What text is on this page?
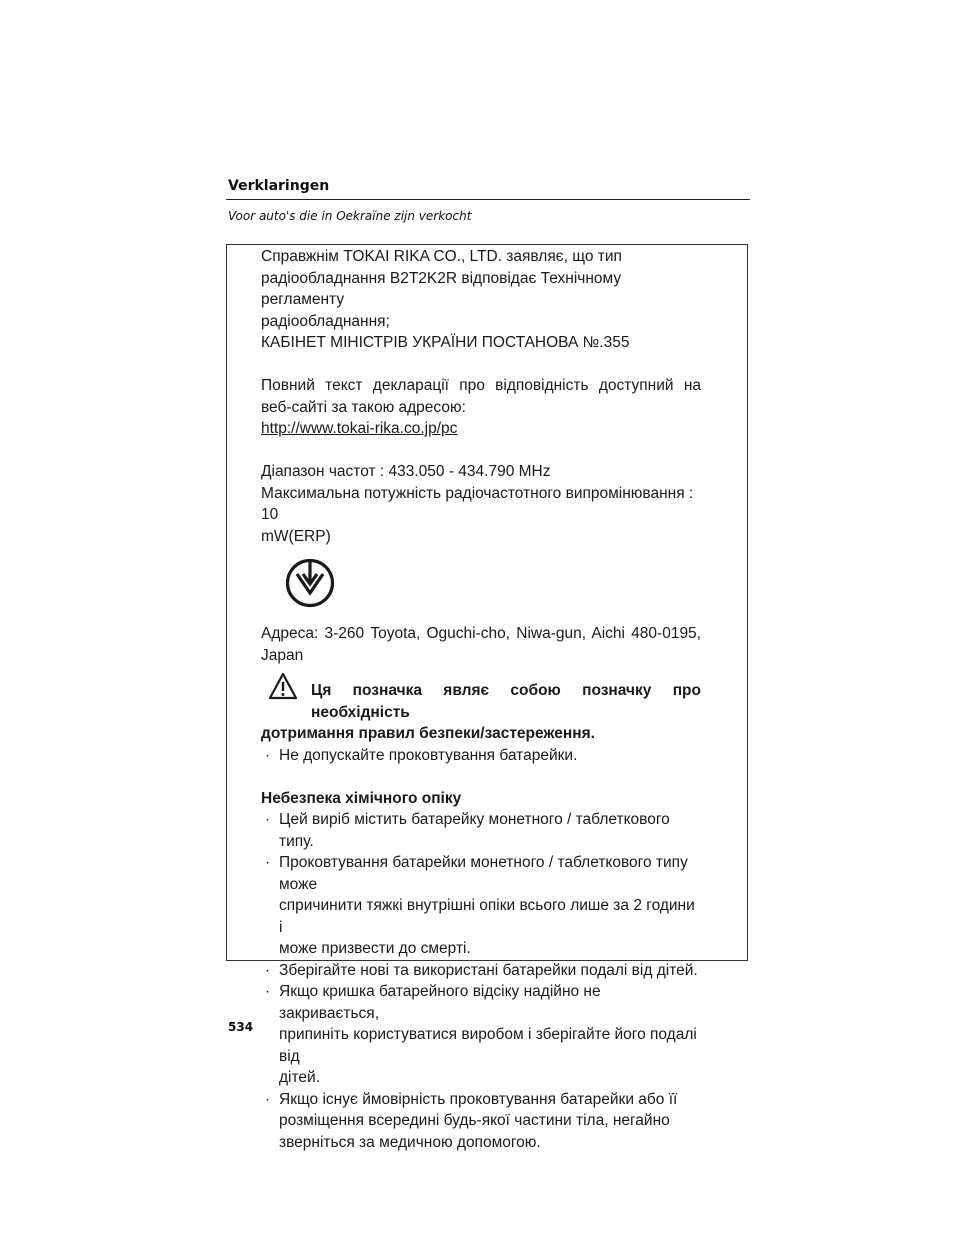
Verklaringen
Voor auto's die in Oekraïne zijn verkocht

Справжнім TOKAI RIKA CO., LTD. заявляє, що тип

радіообладнання B2T2K2R відповідає Технічному регламенту

радіообладнання;

КАБІНЕТ МІНІСТРІВ УКРАЇНИ ПОСТАНОВА №.355

Повний текст декларації про відповідність доступний на

веб-сайті за такою адресою:

http://www.tokai-rika.co.jp/pc

Діапазон частот : 433.050 - 434.790 MHz

Максимальна потужність радіочастотного випромінювання : 10

mW(ERP)

Адреса: 3-260 Toyota, Oguchi-cho, Niwa-gun, Aichi 480-0195,

Japan

Ця позначка являє собою позначку про необхідність

дотримання правил безпеки/застереження.

· Не допускайте проковтування батарейки.

Небезпека хімічного опіку

· Цей виріб містить батарейку монетного / таблеткового типу.

· Проковтування батарейки монетного / таблеткового типу може

спричинити тяжкі внутрішні опіки всього лише за 2 години і

може призвести до смерті.

· Зберігайте нові та використані батарейки подалі від дітей.

· Якщо кришка батарейного відсіку надійно не закривається,

припиніть користуватися виробом і зберігайте його подалі від

дітей.

· Якщо існує ймовірність проковтування батарейки або її

розміщення всередині будь-якої частини тіла, негайно

зверніться за медичною допомогою.

534
